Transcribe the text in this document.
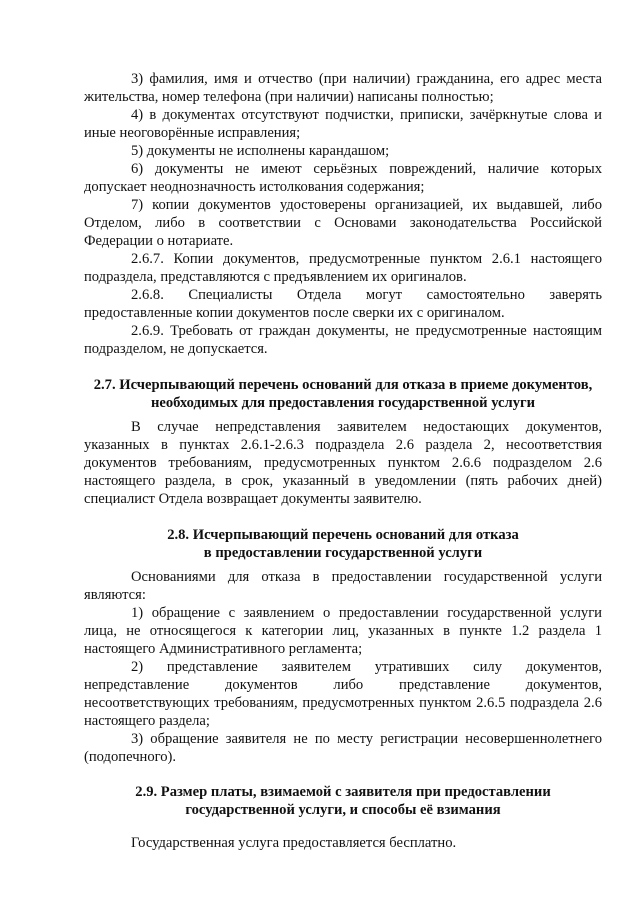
3) фамилия, имя и отчество (при наличии) гражданина, его адрес места жительства, номер телефона (при наличии) написаны полностью;

4) в документах отсутствуют подчистки, приписки, зачёркнутые слова и иные неоговорённые исправления;

5) документы не исполнены карандашом;

6) документы не имеют серьёзных повреждений, наличие которых допускает неоднозначность истолкования содержания;

7) копии документов удостоверены организацией, их выдавшей, либо Отделом, либо в соответствии с Основами законодательства Российской Федерации о нотариате.

2.6.7. Копии документов, предусмотренные пунктом 2.6.1 настоящего подраздела, представляются с предъявлением их оригиналов.

2.6.8. Специалисты Отдела могут самостоятельно заверять предоставленные копии документов после сверки их с оригиналом.

2.6.9. Требовать от граждан документы, не предусмотренные настоящим подразделом, не допускается.

2.7. Исчерпывающий перечень оснований для отказа в приеме документов,
необходимых для предоставления государственной услуги

В случае непредставления заявителем недостающих документов, указанных в пунктах 2.6.1-2.6.3 подраздела 2.6 раздела 2, несоответствия документов требованиям, предусмотренных пунктом 2.6.6 подразделом 2.6 настоящего раздела, в срок, указанный в уведомлении (пять рабочих дней) специалист Отдела возвращает документы заявителю.

2.8. Исчерпывающий перечень оснований для отказа
в предоставлении государственной услуги

Основаниями для отказа в предоставлении государственной услуги являются:

1) обращение с заявлением о предоставлении государственной услуги лица, не относящегося к категории лиц, указанных в пункте 1.2 раздела 1 настоящего Административного регламента;

2) представление заявителем утративших силу документов, непредставление документов либо представление документов, несоответствующих требованиям, предусмотренных пунктом 2.6.5 подраздела 2.6 настоящего раздела;

3) обращение заявителя не по месту регистрации несовершеннолетнего (подопечного).

2.9. Размер платы, взимаемой с заявителя при предоставлении
государственной услуги, и способы её взимания

Государственная услуга предоставляется бесплатно.
